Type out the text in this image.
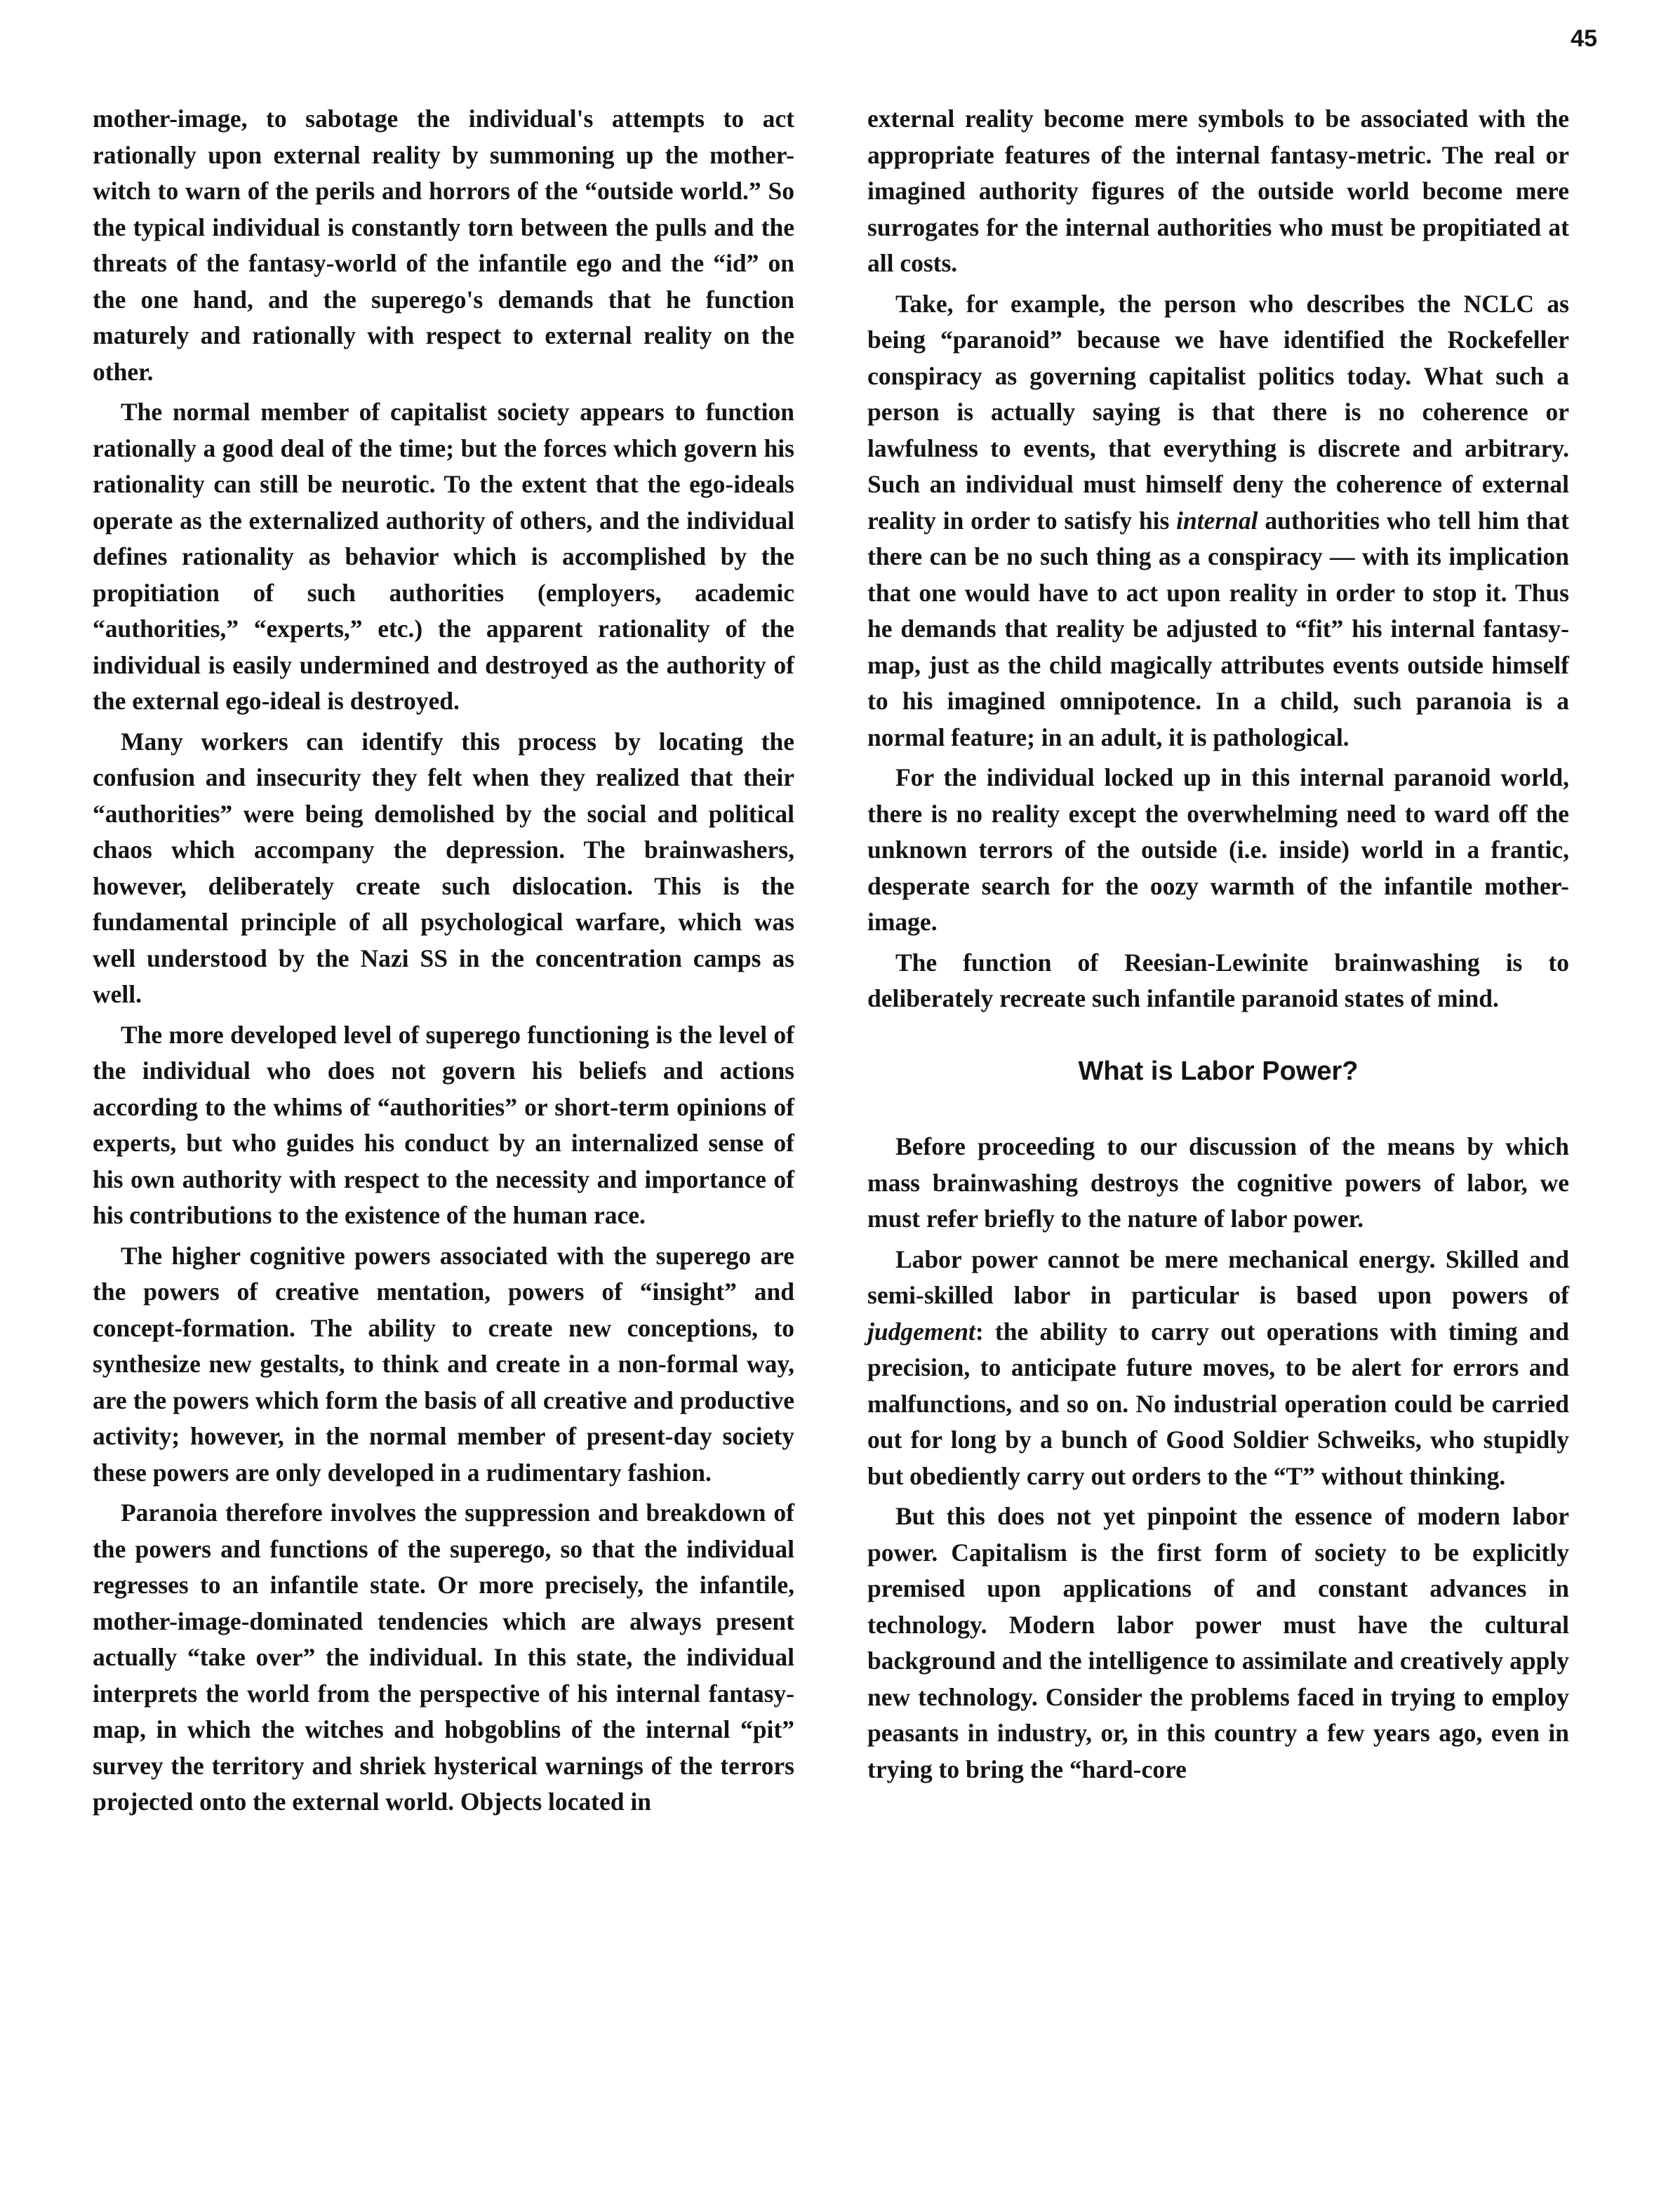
45

mother-image, to sabotage the individual's attempts to act rationally upon external reality by summoning up the mother-witch to warn of the perils and horrors of the “outside world.” So the typical individual is constantly torn between the pulls and the threats of the fantasy-world of the infantile ego and the “id” on the one hand, and the superego's demands that he function maturely and rationally with respect to external reality on the other.

The normal member of capitalist society appears to function rationally a good deal of the time; but the forces which govern his rationality can still be neurotic. To the extent that the ego-ideals operate as the externalized authority of others, and the individual defines rationality as behavior which is accomplished by the propitiation of such authorities (employers, academic “authorities,” “experts,” etc.) the apparent rationality of the individual is easily undermined and destroyed as the authority of the external ego-ideal is destroyed.

Many workers can identify this process by locating the confusion and insecurity they felt when they realized that their “authorities” were being demolished by the social and political chaos which accompany the depression. The brainwashers, however, deliberately create such dislocation. This is the fundamental principle of all psychological warfare, which was well understood by the Nazi SS in the concentration camps as well.

The more developed level of superego functioning is the level of the individual who does not govern his beliefs and actions according to the whims of “authorities” or short-term opinions of experts, but who guides his conduct by an internalized sense of his own authority with respect to the necessity and importance of his contributions to the existence of the human race.

The higher cognitive powers associated with the superego are the powers of creative mentation, powers of “insight” and concept-formation. The ability to create new conceptions, to synthesize new gestalts, to think and create in a non-formal way, are the powers which form the basis of all creative and productive activity; however, in the normal member of present-day society these powers are only developed in a rudimentary fashion.

Paranoia therefore involves the suppression and breakdown of the powers and functions of the superego, so that the individual regresses to an infantile state. Or more precisely, the infantile, mother-image-dominated tendencies which are always present actually “take over” the individual. In this state, the individual interprets the world from the perspective of his internal fantasy-map, in which the witches and hobgoblins of the internal “pit” survey the territory and shriek hysterical warnings of the terrors projected onto the external world. Objects located in

external reality become mere symbols to be associated with the appropriate features of the internal fantasy-metric. The real or imagined authority figures of the outside world become mere surrogates for the internal authorities who must be propitiated at all costs.

Take, for example, the person who describes the NCLC as being “paranoid” because we have identified the Rockefeller conspiracy as governing capitalist politics today. What such a person is actually saying is that there is no coherence or lawfulness to events, that everything is discrete and arbitrary. Such an individual must himself deny the coherence of external reality in order to satisfy his internal authorities who tell him that there can be no such thing as a conspiracy — with its implication that one would have to act upon reality in order to stop it. Thus he demands that reality be adjusted to “fit” his internal fantasy-map, just as the child magically attributes events outside himself to his imagined omnipotence. In a child, such paranoia is a normal feature; in an adult, it is pathological.

For the individual locked up in this internal paranoid world, there is no reality except the overwhelming need to ward off the unknown terrors of the outside (i.e. inside) world in a frantic, desperate search for the oozy warmth of the infantile mother-image.

The function of Reesian-Lewinite brainwashing is to deliberately recreate such infantile paranoid states of mind.

What is Labor Power?

Before proceeding to our discussion of the means by which mass brainwashing destroys the cognitive powers of labor, we must refer briefly to the nature of labor power.

Labor power cannot be mere mechanical energy. Skilled and semi-skilled labor in particular is based upon powers of judgement: the ability to carry out operations with timing and precision, to anticipate future moves, to be alert for errors and malfunctions, and so on. No industrial operation could be carried out for long by a bunch of Good Soldier Schweiks, who stupidly but obediently carry out orders to the “T” without thinking.

But this does not yet pinpoint the essence of modern labor power. Capitalism is the first form of society to be explicitly premised upon applications of and constant advances in technology. Modern labor power must have the cultural background and the intelligence to assimilate and creatively apply new technology. Consider the problems faced in trying to employ peasants in industry, or, in this country a few years ago, even in trying to bring the “hard-core
